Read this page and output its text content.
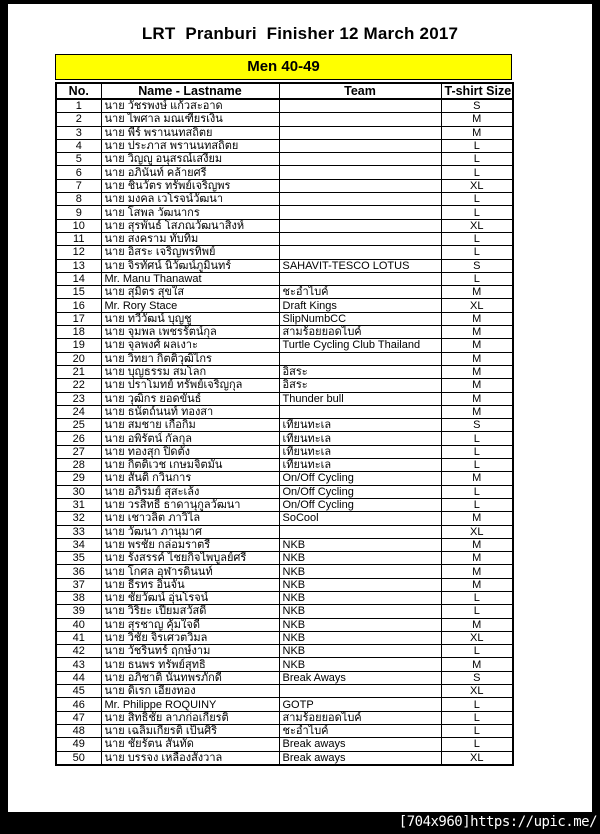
LRT  Pranburi  Finisher 12 March 2017
Men 40-49
No.	Name - Lastname	Team	T-shirt Size
1	นาย วัชรพงษ์ แก้วสะอาด		S
2	นาย ไพศาล มณเฑียรเงิน		M
3	นาย พีร์ พรานนทสถิตย		M
4	นาย ประภาส พรานนทสถิตย		L
5	นาย วิญญู อนุสรณ์เสงี่ยม		L
6	นาย อภินันท์ คล้ายศรี		L
7	นาย ชินวัตร ทรัพย์เจริญพร		XL
8	นาย มงคล เวโรจน์วัฒนา		L
9	นาย โสพล วัฒนากร		L
10	นาย สุรพันธ์ โสภณวัฒนาสิงห์		XL
11	นาย สงคราม ทับทิม		L
12	นาย อิสระ เจริญพรทิพย์		L
13	นาย จิรทัศน์ นิวัฒน์ภูมินทร์	SAHAVIT-TESCO LOTUS	S
14	Mr. Manu Thanawat		L
15	นาย สุมิตร สุขใส	ชะอำไบค์	M
16	Mr. Rory Stace	Draft Kings	XL
17	นาย ทวีวัฒน์ บุญชู	SlipNumbCC	M
18	นาย จุมพล เพชรรัตน์กุล	สามร้อยยอดไบค์	M
19	นาย จุลพงศ์ ผลเงาะ	Turtle Cycling Club Thailand	M
20	นาย วิทยา กิตติวุฒิไกร		M
21	นาย บุญธรรม สมโลก	อิสระ	M
22	นาย ปราโมทย์ ทรัพย์เจริญกุล	อิสระ	M
23	นาย วุฒิกร ยอดขันธ์	Thunder bull	M
24	นาย ธนัตถ์นนท์ ทองสา		M
25	นาย สมชาย เกื้อกิ้ม	เทียนทะเล	S
26	นาย อพิรัตน์ กัลกุล	เทียนทะเล	L
27	นาย ทองสุก ปิดตัง	เทียนทะเล	L
28	นาย กิตติเวช เกษมจิตมั่น	เทียนทะเล	L
29	นาย สันติ กวินการ	On/Off Cycling	M
30	นาย อภิรมย์ สุสะเล้ง	On/Off Cycling	L
31	นาย วรสิทธิ์ ธาดานุกูลวัฒนา	On/Off Cycling	L
32	นาย เชาวลิต ภาวิไล	SoCool	M
33	นาย วัฒนา ภานุมาศ		XL
34	นาย พรชัย กล่อมราตรี	NKB	M
35	นาย รังสรรค์ ไชยกิจไพบูลย์ศรี	NKB	M
36	นาย โกศล อุฬารดินนท์	NKB	M
37	นาย ธีรทร อินจัน	NKB	M
38	นาย ชัยวัฒน์ อุ่นโรจน์	NKB	L
39	นาย วิริยะ เปี่ยมสวัสดิ์	NKB	L
40	นาย สุรชาญ คุ้มใจดี	NKB	M
41	นาย วิชัย จิรเศวตวิมล	NKB	XL
42	นาย วัชรินทร์ ฤกษ์งาม	NKB	L
43	นาย ธนพร ทรัพย์สุทธิ	NKB	M
44	นาย อภิชาติ นันทพรภักดี	Break Aways	S
45	นาย ดิเรก เอี่ยงทอง		XL
46	Mr. Philippe ROQUINY	GOTP	L
47	นาย สิทธิชัย ลาภก่อเกียรติ	สามร้อยยอดไบค์	L
48	นาย เฉลิมเกียรติ เป็นศิริ	ชะอำไบค์	L
49	นาย ชัยรัตน สันทัด	Break aways	L
50	นาย บรรจง เหลืองสังวาล	Break aways	XL
[704x960]https://upic.me/
